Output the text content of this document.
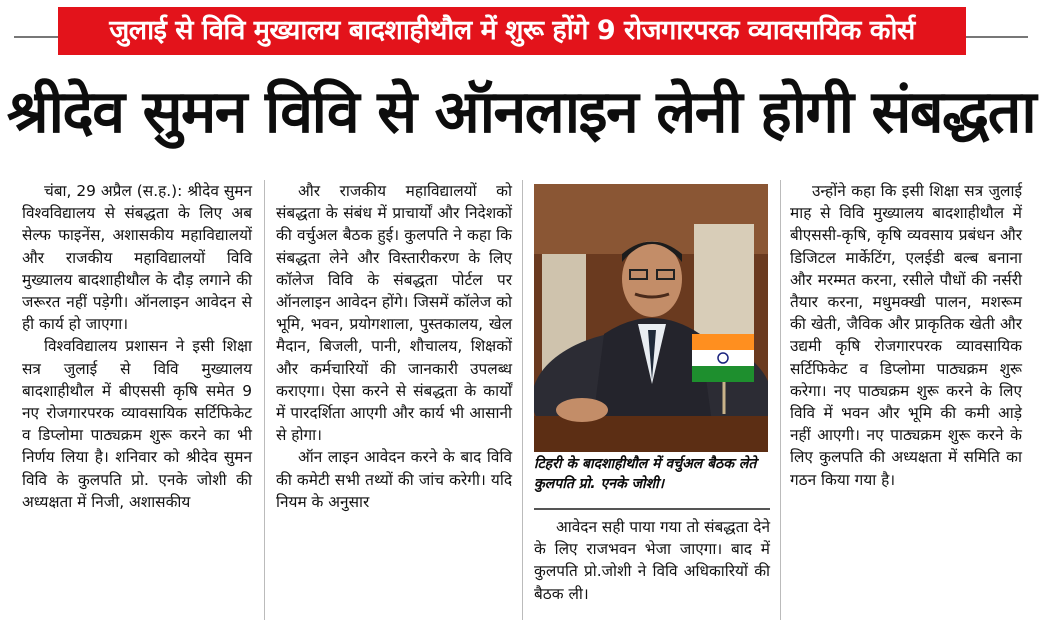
जुलाई से विवि मुख्यालय बादशाहीथौल में शुरू होंगे 9 रोजगारपरक व्यावसायिक कोर्स
श्रीदेव सुमन विवि से ऑनलाइन लेनी होगी संबद्धता

चंबा, 29 अप्रैल (स.ह.): श्रीदेव सुमन विश्वविद्यालय से संबद्धता के लिए अब सेल्फ फाइनेंस, अशासकीय महाविद्यालयों और राजकीय महाविद्यालयों विवि मुख्यालय बादशाहीथौल के दौड़ लगाने की जरूरत नहीं पड़ेगी। ऑनलाइन आवेदन से ही कार्य हो जाएगा।

विश्वविद्यालय प्रशासन ने इसी शिक्षा सत्र जुलाई से विवि मुख्यालय बादशाहीथौल में बीएससी कृषि समेत 9 नए रोजगारपरक व्यावसायिक सर्टिफिकेट व डिप्लोमा पाठ्यक्रम शुरू करने का भी निर्णय लिया है। शनिवार को श्रीदेव सुमन विवि के कुलपति प्रो. एनके जोशी की अध्यक्षता में निजी, अशासकीय

और राजकीय महाविद्यालयों को संबद्धता के संबंध में प्राचार्यों और निदेशकों की वर्चुअल बैठक हुई। कुलपति ने कहा कि संबद्धता लेने और विस्तारीकरण के लिए कॉलेज विवि के संबद्धता पोर्टल पर ऑनलाइन आवेदन होंगे। जिसमें कॉलेज को भूमि, भवन, प्रयोगशाला, पुस्तकालय, खेल मैदान, बिजली, पानी, शौचालय, शिक्षकों और कर्मचारियों की जानकारी उपलब्ध कराएगा। ऐसा करने से संबद्धता के कार्यों में पारदर्शिता आएगी और कार्य भी आसानी से होगा।

ऑन लाइन आवेदन करने के बाद विवि की कमेटी सभी तथ्यों की जांच करेगी। यदि नियम के अनुसार

टिहरी के बादशाहीथौल में वर्चुअल बैठक लेते कुलपति प्रो. एनके जोशी।

आवेदन सही पाया गया तो संबद्धता देने के लिए राजभवन भेजा जाएगा। बाद में कुलपति प्रो.जोशी ने विवि अधिकारियों की बैठक ली।

उन्होंने कहा कि इसी शिक्षा सत्र जुलाई माह से विवि मुख्यालय बादशाहीथौल में बीएससी-कृषि, कृषि व्यवसाय प्रबंधन और डिजिटल मार्केटिंग, एलईडी बल्ब बनाना और मरम्मत करना, रसीले पौधों की नर्सरी तैयार करना, मधुमक्खी पालन, मशरूम की खेती, जैविक और प्राकृतिक खेती और उद्यमी कृषि रोजगारपरक व्यावसायिक सर्टिफिकेट व डिप्लोमा पाठ्यक्रम शुरू करेगा। नए पाठ्यक्रम शुरू करने के लिए विवि में भवन और भूमि की कमी आड़े नहीं आएगी। नए पाठ्यक्रम शुरू करने के लिए कुलपति की अध्यक्षता में समिति का गठन किया गया है।
